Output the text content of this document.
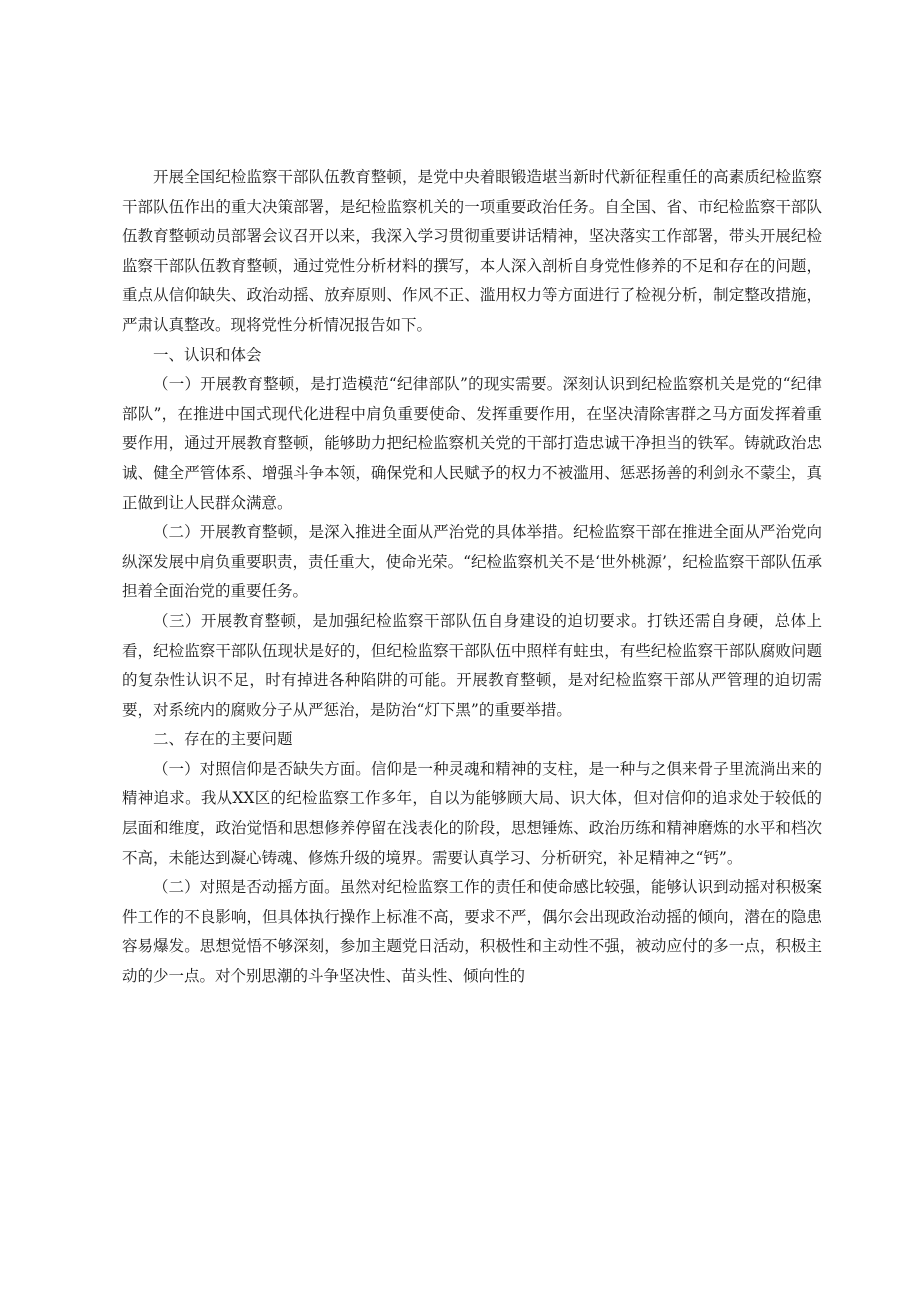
开展全国纪检监察干部队伍教育整顿，是党中央着眼锻造堪当新时代新征程重任的高素质纪检监察干部队伍作出的重大决策部署，是纪检监察机关的一项重要政治任务。自全国、省、市纪检监察干部队伍教育整顿动员部署会议召开以来，我深入学习贯彻重要讲话精神，坚决落实工作部署，带头开展纪检监察干部队伍教育整顿，通过党性分析材料的撰写，本人深入剖析自身党性修养的不足和存在的问题，重点从信仰缺失、政治动摇、放弃原则、作风不正、滥用权力等方面进行了检视分析，制定整改措施，严肃认真整改。现将党性分析情况报告如下。

一、认识和体会

（一）开展教育整顿，是打造模范“纪律部队”的现实需要。深刻认识到纪检监察机关是党的“纪律部队”，在推进中国式现代化进程中肩负重要使命、发挥重要作用，在坚决清除害群之马方面发挥着重要作用，通过开展教育整顿，能够助力把纪检监察机关党的干部打造忠诚干净担当的铁军。铸就政治忠诚、健全严管体系、增强斗争本领，确保党和人民赋予的权力不被滥用、惩恶扬善的利剑永不蒙尘，真正做到让人民群众满意。

（二）开展教育整顿，是深入推进全面从严治党的具体举措。纪检监察干部在推进全面从严治党向纵深发展中肩负重要职责，责任重大，使命光荣。“纪检监察机关不是‘世外桃源’，纪检监察干部队伍承担着全面治党的重要任务。

（三）开展教育整顿，是加强纪检监察干部队伍自身建设的迫切要求。打铁还需自身硬，总体上看，纪检监察干部队伍现状是好的，但纪检监察干部队伍中照样有蛀虫，有些纪检监察干部队腐败问题的复杂性认识不足，时有掉进各种陷阱的可能。开展教育整顿，是对纪检监察干部从严管理的迫切需要，对系统内的腐败分子从严惩治，是防治“灯下黑”的重要举措。

二、存在的主要问题

（一）对照信仰是否缺失方面。信仰是一种灵魂和精神的支柱，是一种与之俱来骨子里流淌出来的精神追求。我从XX区的纪检监察工作多年，自以为能够顾大局、识大体，但对信仰的追求处于较低的层面和维度，政治觉悟和思想修养停留在浅表化的阶段，思想锤炼、政治历练和精神磨炼的水平和档次不高，未能达到凝心铸魂、修炼升级的境界。需要认真学习、分析研究，补足精神之“钙”。

（二）对照是否动摇方面。虽然对纪检监察工作的责任和使命感比较强，能够认识到动摇对积极案件工作的不良影响，但具体执行操作上标准不高，要求不严，偶尔会出现政治动摇的倾向，潜在的隐患容易爆发。思想觉悟不够深刻，参加主题党日活动，积极性和主动性不强，被动应付的多一点，积极主动的少一点。对个别思潮的斗争坚决性、苗头性、倾向性的
